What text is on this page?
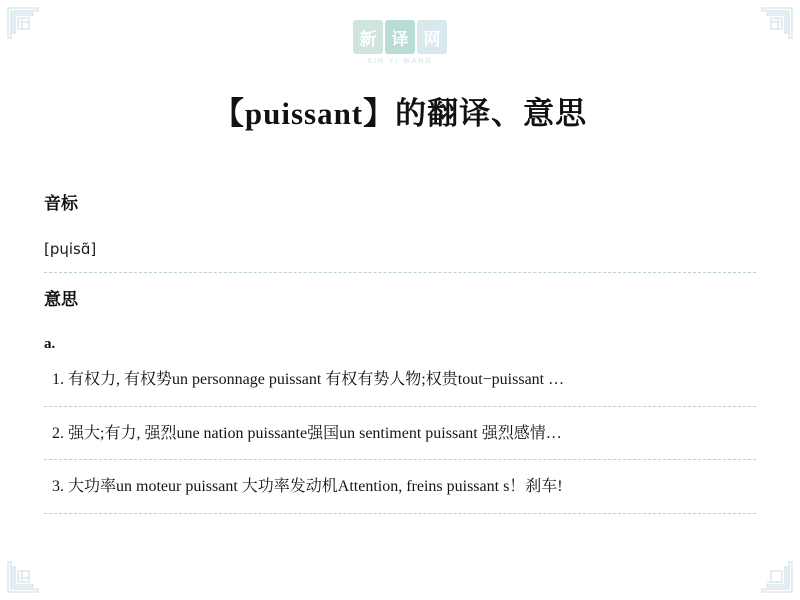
新 译 网
XIN YI WANG
【puissant】的翻译、意思
音标
[pɥisɑ̃]
意思
a.
1. 有权力, 有权势un personnage puissant 有权有势人物;权贵tout−puissant …
2. 强大;有力, 强烈une nation puissante强国un sentiment puissant 强烈感情…
3. 大功率un moteur puissant 大功率发动机Attention, freins puissant s！刹车!
